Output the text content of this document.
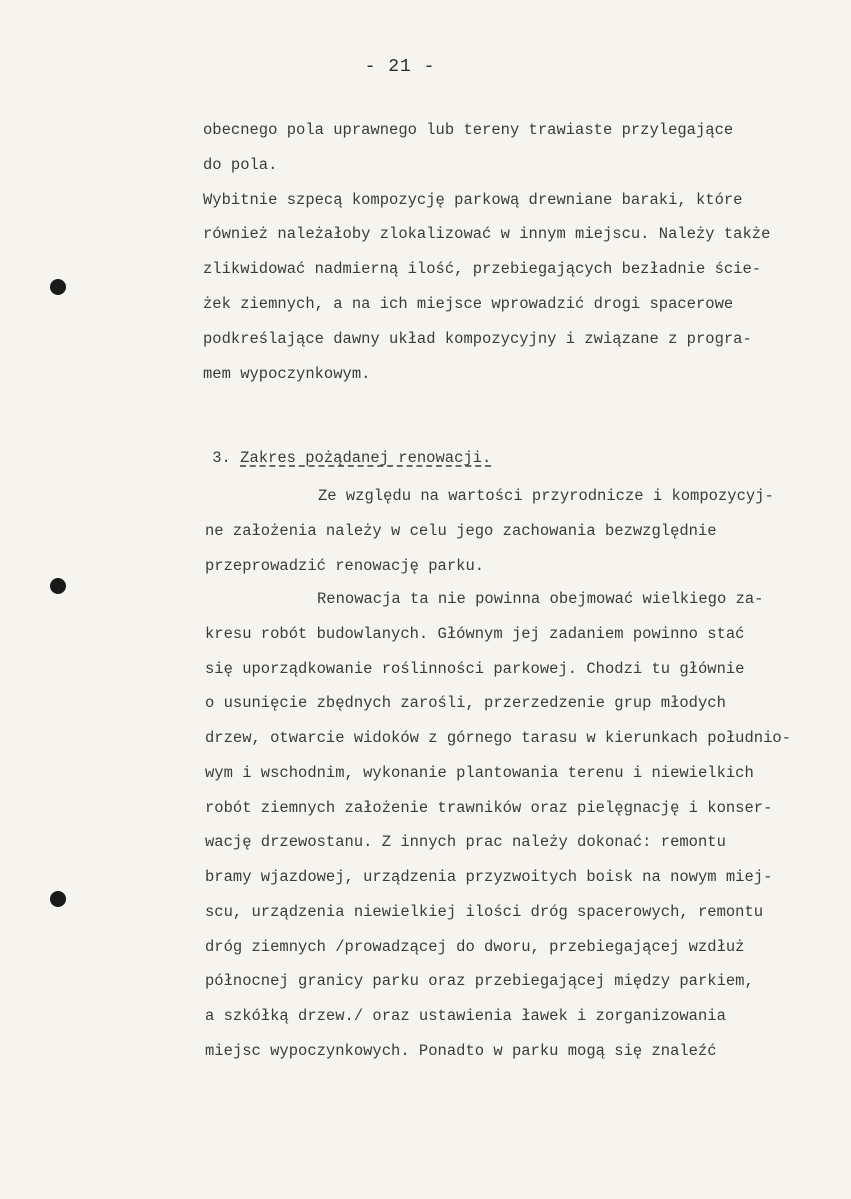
- 21 -
obecnego pola uprawnego lub tereny trawiaste przylegające
do pola.
Wybitnie szpecą kompozycję parkową drewniane baraki, które
również należałoby zlokalizować w innym miejscu. Należy także
zlikwidować nadmierną ilość, przebiegających bezładnie ście-
żek ziemnych, a na ich miejsce wprowadzić drogi spacerowe
podkreślające dawny układ kompozycyjny i związane z progra-
mem wypoczynkowym.

3. Zakres pożądanej renowacji.

Ze względu na wartości przyrodnicze i kompozycyj-
ne założenia należy w celu jego zachowania bezwzględnie
przeprowadzić renowację parku.
Renowacja ta nie powinna obejmować wielkiego za-
kresu robót budowlanych. Głównym jej zadaniem powinno stać
się uporządkowanie roślinności parkowej. Chodzi tu głównie
o usunięcie zbędnych zarośli, przerzedzenie grup młodych
drzew, otwarcie widoków z górnego tarasu w kierunkach południo-
wym i wschodnim, wykonanie plantowania terenu i niewielkich
robót ziemnych założenie trawników oraz pielęgnację i konser-
wację drzewostanu. Z innych prac należy dokonać: remontu
bramy wjazdowej, urządzenia przyzwoitych boisk na nowym miej-
scu, urządzenia niewielkiej ilości dróg spacerowych, remontu
dróg ziemnych /prowadzącej do dworu, przebiegającej wzdłuż
północnej granicy parku oraz przebiegającej między parkiem,
a szkółką drzew./ oraz ustawienia ławek i zorganizowania
miejsc wypoczynkowych. Ponadto w parku mogą się znaleźć
